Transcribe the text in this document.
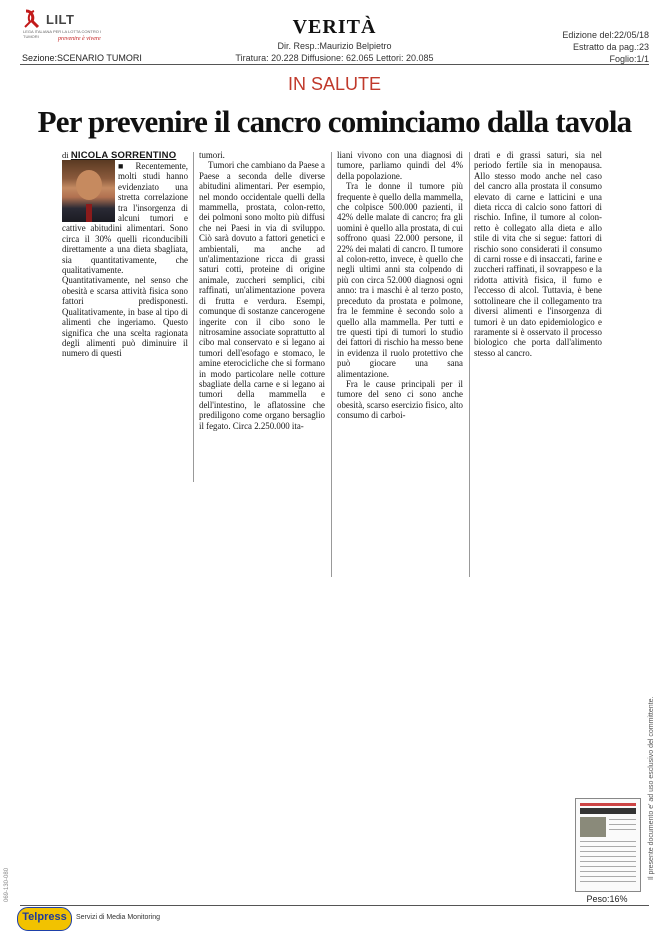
LILT
LEGA ITALIANA PER LA LOTTA CONTRO I TUMORI	prevenire è vivere
Sezione:SCENARIO TUMORI
VERITÀ
Dir. Resp.:Maurizio Belpietro
Tiratura: 20.228 Diffusione: 62.065 Lettori: 20.085
Edizione del:22/05/18
Estratto da pag.:23
Foglio:1/1
IN SALUTE
Per prevenire il cancro cominciamo dalla tavola
di NICOLA SORRENTINO

■ Recentemente, molti studi hanno evidenziato una stretta correlazione tra l'insorgenza di alcuni tumori e cattive abitudini alimentari. Sono circa il 30% quelli riconducibili direttamente a una dieta sbagliata, sia quantitativamente, che qualitativamente. Quantitativamente, nel senso che obesità e scarsa attività fisica sono fattori predisponesti. Qualitativamente, in base al tipo di alimenti che ingeriamo. Questo significa che una scelta ragionata degli alimenti può diminuire il numero di questi

tumori.

Tumori che cambiano da Paese a Paese a seconda delle diverse abitudini alimentari. Per esempio, nel mondo occidentale quelli della mammella, prostata, colon-retto, dei polmoni sono molto più diffusi che nei Paesi in via di sviluppo. Ciò sarà dovuto a fattori genetici e ambientali, ma anche ad un'alimentazione ricca di grassi saturi cotti, proteine di origine animale, zuccheri semplici, cibi raffinati, un'alimentazione povera di frutta e verdura. Esempi, comunque di sostanze cancerogene ingerite con il cibo sono le nitrosamine associate soprattutto al cibo mal conservato e si legano ai tumori dell'esofago e stomaco, le amine eterocicliche che si formano in modo particolare nelle cotture sbagliate della carne e si legano ai tumori della mammella e dell'intestino, le aflatossine che prediligono come organo bersaglio il fegato. Circa 2.250.000 ita-

liani vivono con una diagnosi di tumore, parliamo quindi del 4% della popolazione.

Tra le donne il tumore più frequente è quello della mammella, che colpisce 500.000 pazienti, il 42% delle malate di cancro; fra gli uomini è quello alla prostata, di cui soffrono quasi 22.000 persone, il 22% dei malati di cancro. Il tumore al colon-retto, invece, è quello che negli ultimi anni sta colpendo di più con circa 52.000 diagnosi ogni anno: tra i maschi è al terzo posto, preceduto da prostata e polmone, fra le femmine è secondo solo a quello alla mammella. Per tutti e tre questi tipi di tumori lo studio dei fattori di rischio ha messo bene in evidenza il ruolo protettivo che può giocare una sana alimentazione.

Fra le cause principali per il tumore del seno ci sono anche obesità, scarso esercizio fisico, alto consumo di carboi-

drati e di grassi saturi, sia nel periodo fertile sia in menopausa. Allo stesso modo anche nel caso del cancro alla prostata il consumo elevato di carne e latticini e una dieta ricca di calcio sono fattori di rischio. Infine, il tumore al colon-retto è collegato alla dieta e allo stile di vita che si segue: fattori di rischio sono considerati il consumo di carni rosse e di insaccati, farine e zuccheri raffinati, il sovrappeso e la ridotta attività fisica, il fumo e l'eccesso di alcol. Tuttavia, è bene sottolineare che il collegamento tra diversi alimenti e l'insorgenza di tumori è un dato epidemiologico e raramente si è osservato il processo biologico che porta dall'alimento stesso al cancro.

Peso:16%
Il presente documento e' ad uso esclusivo del committente.
069-130-080
Telpress	Servizi di Media Monitoring
